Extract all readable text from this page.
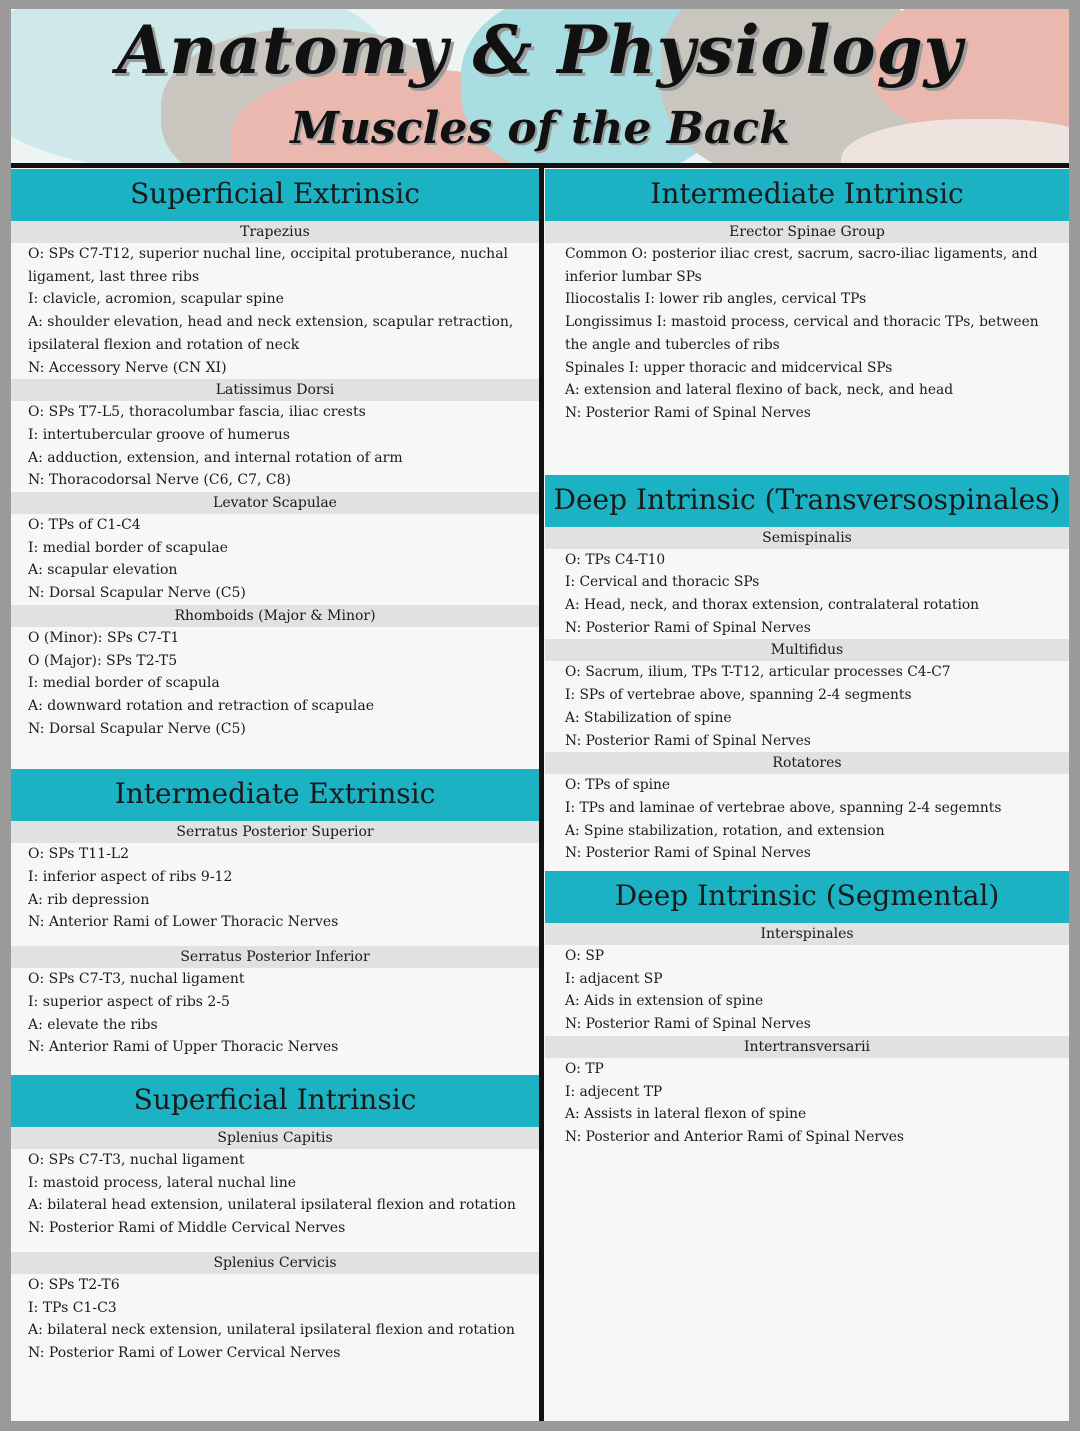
Anatomy & Physiology
Muscles of the Back
Superficial Extrinsic
Trapezius
O: SPs C7-T12, superior nuchal line, occipital protuberance, nuchal ligament, last three ribs
I: clavicle, acromion, scapular spine
A: shoulder elevation, head and neck extension, scapular retraction, ipsilateral flexion and rotation of neck
N: Accessory Nerve (CN XI)
Latissimus Dorsi
O: SPs T7-L5, thoracolumbar fascia, iliac crests
I: intertubercular groove of humerus
A: adduction, extension, and internal rotation of arm
N: Thoracodorsal Nerve (C6, C7, C8)
Levator Scapulae
O: TPs of C1-C4
I: medial border of scapulae
A: scapular elevation
N: Dorsal Scapular Nerve (C5)
Rhomboids (Major & Minor)
O (Minor): SPs C7-T1
O (Major): SPs T2-T5
I: medial border of scapula
A: downward rotation and retraction of scapulae
N: Dorsal Scapular Nerve (C5)
Intermediate Extrinsic
Serratus Posterior Superior
O: SPs T11-L2
I: inferior aspect of ribs 9-12
A: rib depression
N: Anterior Rami of Lower Thoracic Nerves
Serratus Posterior Inferior
O: SPs C7-T3, nuchal ligament
I: superior aspect of ribs 2-5
A: elevate the ribs
N: Anterior Rami of Upper Thoracic Nerves
Superficial Intrinsic
Splenius Capitis
O: SPs C7-T3, nuchal ligament
I: mastoid process, lateral nuchal line
A: bilateral head extension, unilateral ipsilateral flexion and rotation
N: Posterior Rami of Middle Cervical Nerves
Splenius Cervicis
O: SPs T2-T6
I: TPs C1-C3
A: bilateral neck extension, unilateral ipsilateral flexion and rotation
N: Posterior Rami of Lower Cervical Nerves
Intermediate Intrinsic
Erector Spinae Group
Common O: posterior iliac crest, sacrum, sacro-iliac ligaments, and inferior lumbar SPs
Iliocostalis I: lower rib angles, cervical TPs
Longissimus I: mastoid process, cervical and thoracic TPs, between the angle and tubercles of ribs
Spinales I: upper thoracic and midcervical SPs
A: extension and lateral flexino of back, neck, and head
N: Posterior Rami of Spinal Nerves
Deep Intrinsic (Transversospinales)
Semispinalis
O: TPs C4-T10
I: Cervical and thoracic SPs
A: Head, neck, and thorax extension, contralateral rotation
N: Posterior Rami of Spinal Nerves
Multifidus
O: Sacrum, ilium, TPs T-T12, articular processes C4-C7
I: SPs of vertebrae above, spanning 2-4 segments
A: Stabilization of spine
N: Posterior Rami of Spinal Nerves
Rotatores
O: TPs of spine
I: TPs and laminae of vertebrae above, spanning 2-4 segemnts
A: Spine stabilization, rotation, and extension
N: Posterior Rami of Spinal Nerves
Deep Intrinsic (Segmental)
Interspinales
O: SP
I: adjacent SP
A: Aids in extension of spine
N: Posterior Rami of Spinal Nerves
Intertransversarii
O: TP
I: adjecent TP
A: Assists in lateral flexon of spine
N: Posterior and Anterior Rami of Spinal Nerves
